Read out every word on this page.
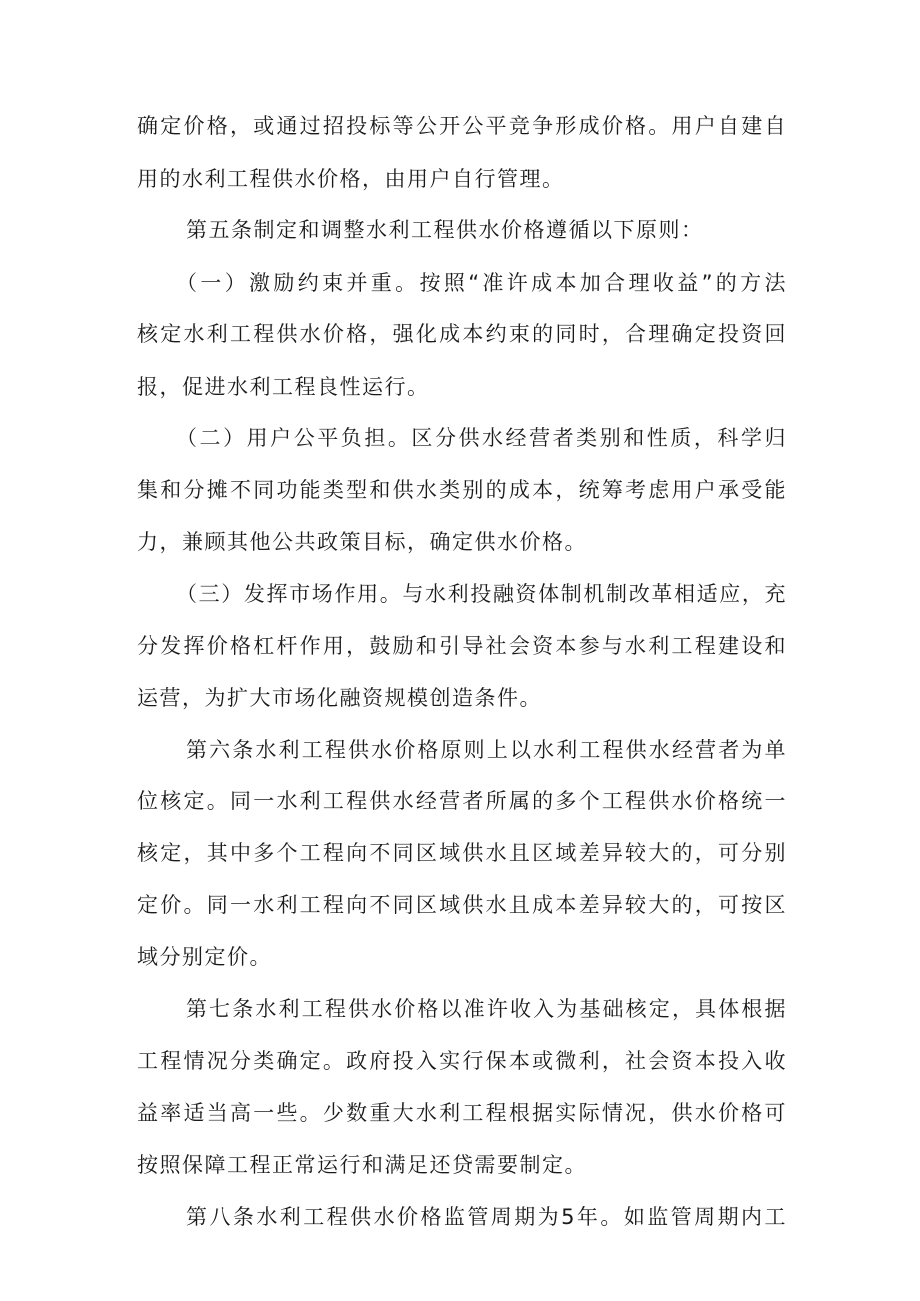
确定价格，或通过招投标等公开公平竞争形成价格。用户自建自
用的水利工程供水价格，由用户自行管理。
第五条制定和调整水利工程供水价格遵循以下原则：
（一）激励约束并重。按照“准许成本加合理收益”的方法
核定水利工程供水价格，强化成本约束的同时，合理确定投资回
报，促进水利工程良性运行。
（二）用户公平负担。区分供水经营者类别和性质，科学归
集和分摊不同功能类型和供水类别的成本，统筹考虑用户承受能
力，兼顾其他公共政策目标，确定供水价格。
（三）发挥市场作用。与水利投融资体制机制改革相适应，充
分发挥价格杠杆作用，鼓励和引导社会资本参与水利工程建设和
运营，为扩大市场化融资规模创造条件。
第六条水利工程供水价格原则上以水利工程供水经营者为单
位核定。同一水利工程供水经营者所属的多个工程供水价格统一
核定，其中多个工程向不同区域供水且区域差异较大的，可分别
定价。同一水利工程向不同区域供水且成本差异较大的，可按区
域分别定价。
第七条水利工程供水价格以准许收入为基础核定，具体根据
工程情况分类确定。政府投入实行保本或微利，社会资本投入收
益率适当高一些。少数重大水利工程根据实际情况，供水价格可
按照保障工程正常运行和满足还贷需要制定。
第八条水利工程供水价格监管周期为5年。如监管周期内工
